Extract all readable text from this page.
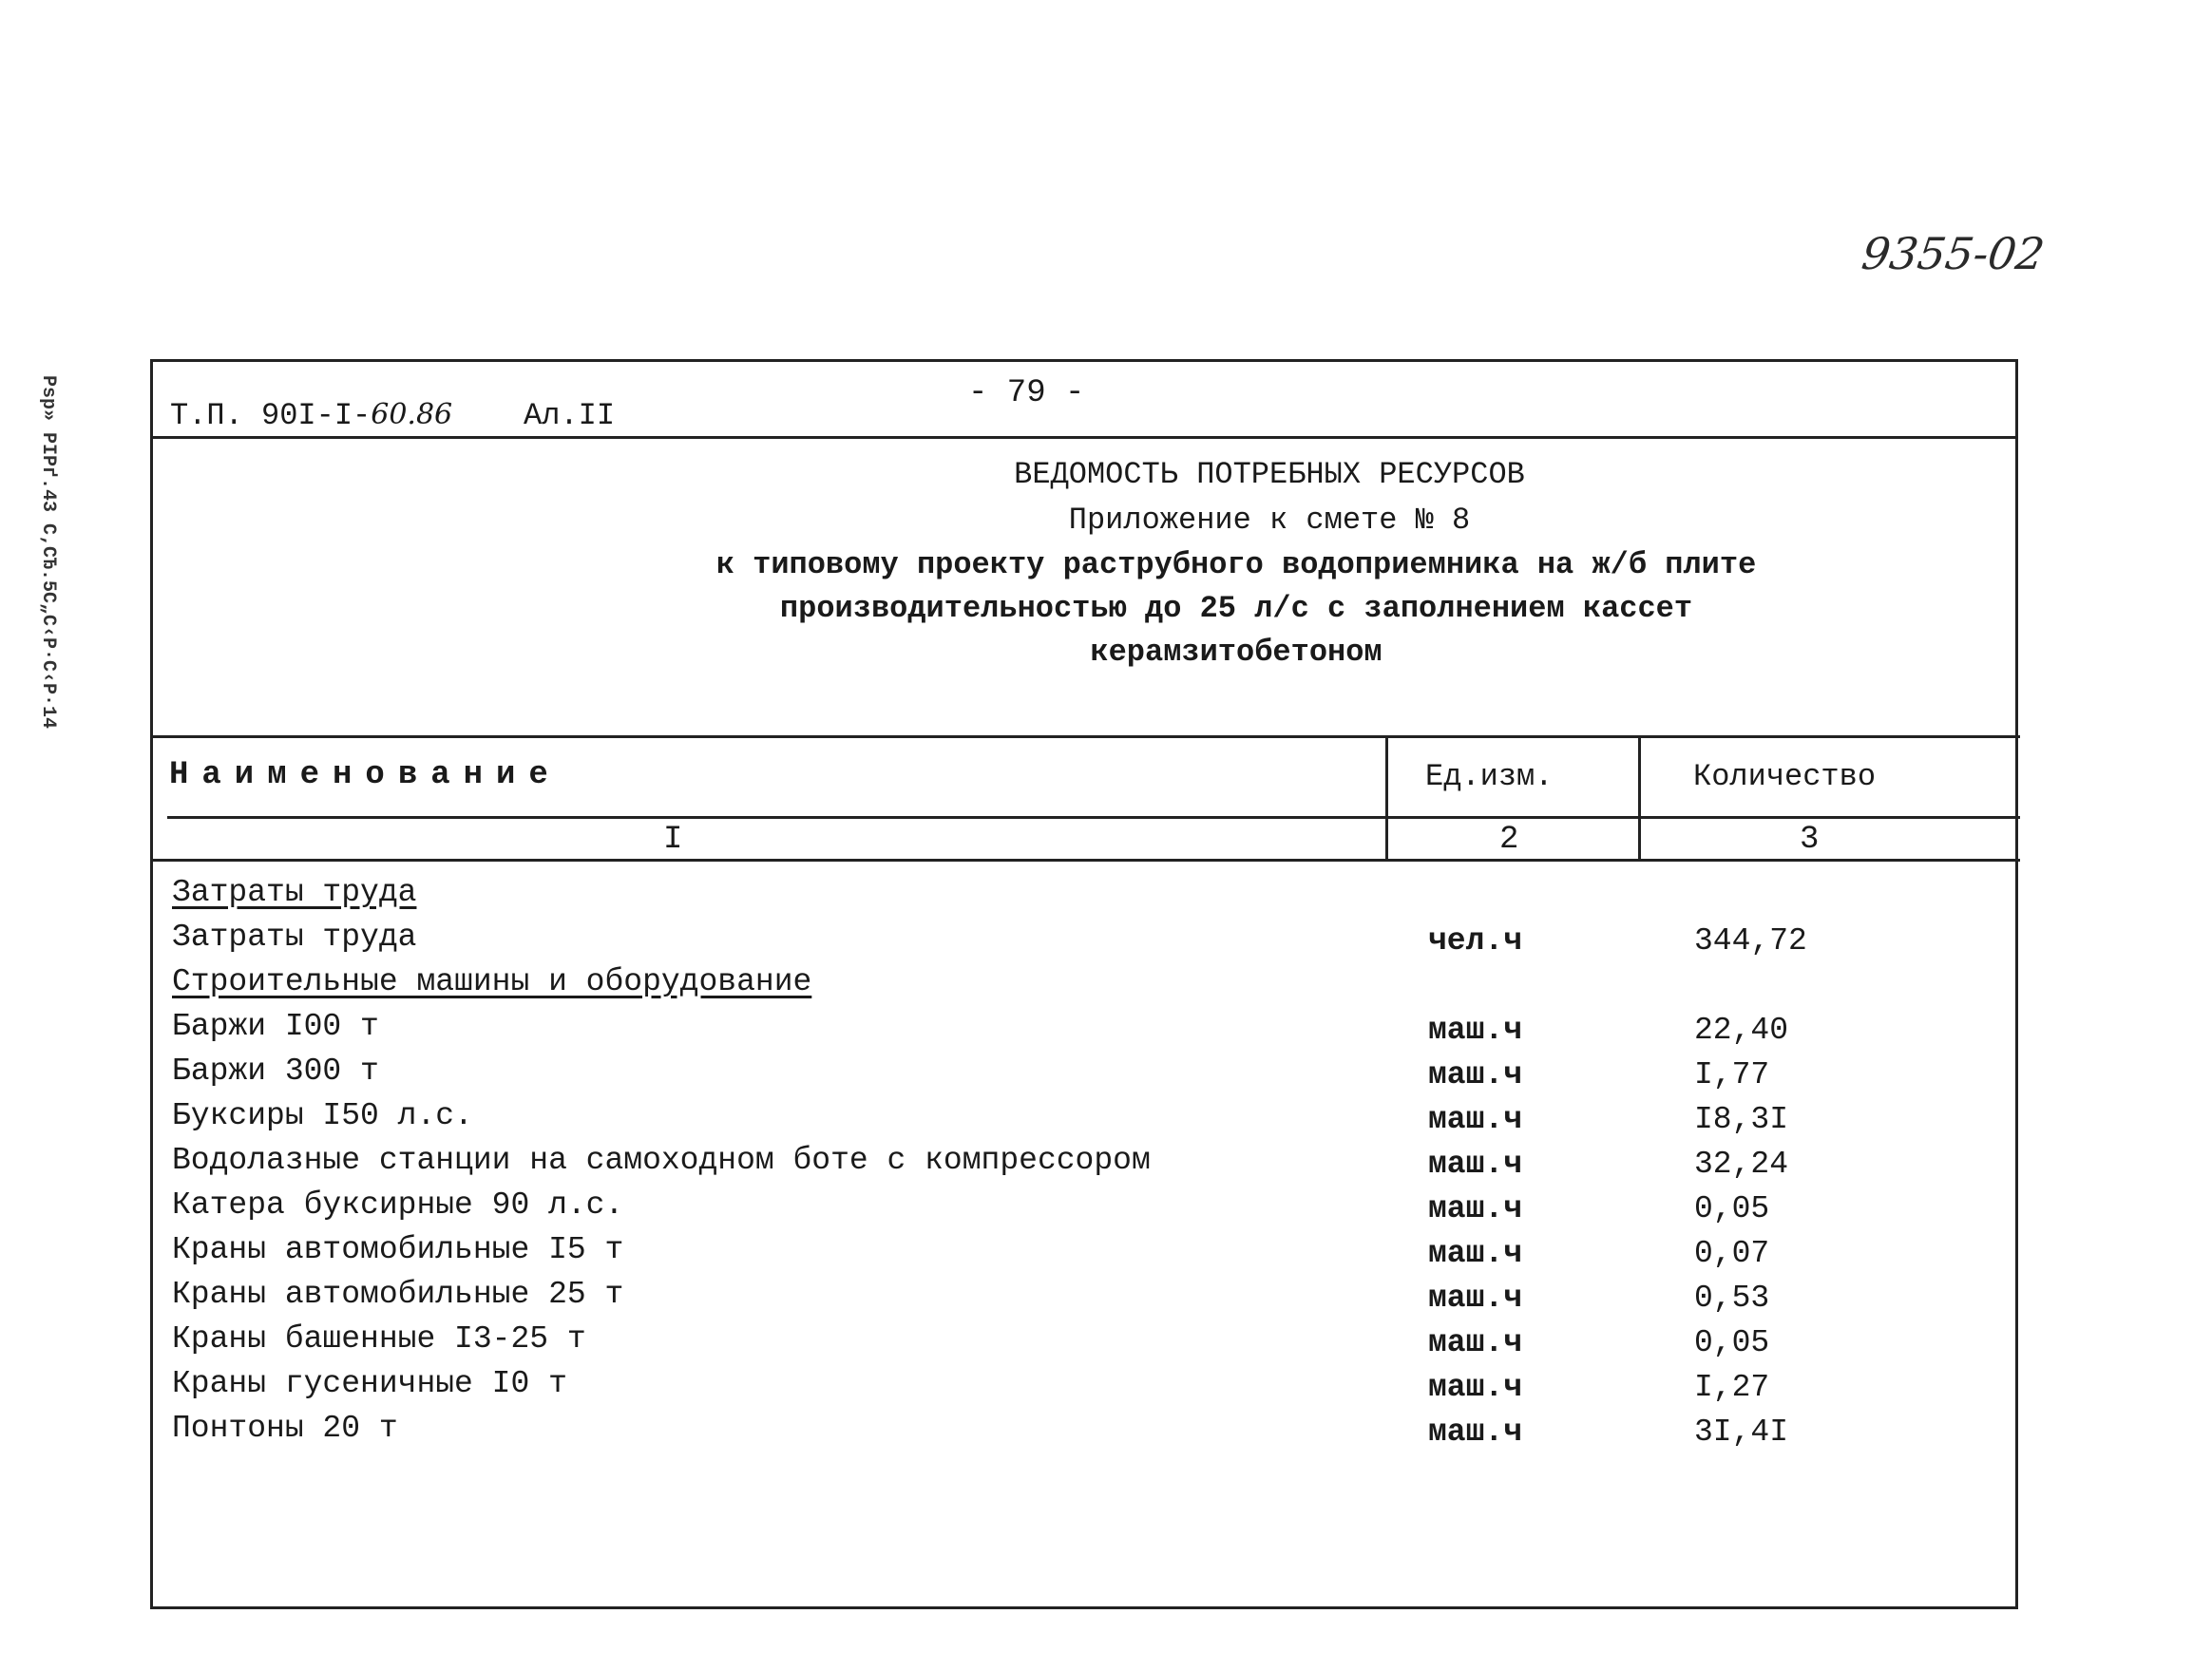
9355-02
Рѕр» РІРґ.43 С‚СЂ.5С„С‹Р·С‹Р·14	Т.П. 90I-I-60.86 Ал.II
- 79 -
ВЕДОМОСТЬ ПОТРЕБНЫХ РЕСУРСОВ
Приложение к смете № 8
к типовому проекту раструбного водоприемника на ж/б плите производительностью до 25 л/с с заполнением кассет керамзитобетоном
Наименование	Ед.изм.	Количество
I	2	3
Затраты труда
Затраты труда	чел.ч	344,72
Строительные машины и оборудование
Баржи I00 т	маш.ч	22,40
Баржи 300 т	маш.ч	I,77
Буксиры I50 л.с.	маш.ч	I8,3I
Водолазные станции на самоходном боте с компрессором	маш.ч	32,24
Катера буксирные 90 л.с.	маш.ч	0,05
Краны автомобильные I5 т	маш.ч	0,07
Краны автомобильные 25 т	маш.ч	0,53
Краны башенные I3-25 т	маш.ч	0,05
Краны гусеничные I0 т	маш.ч	I,27
Понтоны 20 т	маш.ч	3I,4I
